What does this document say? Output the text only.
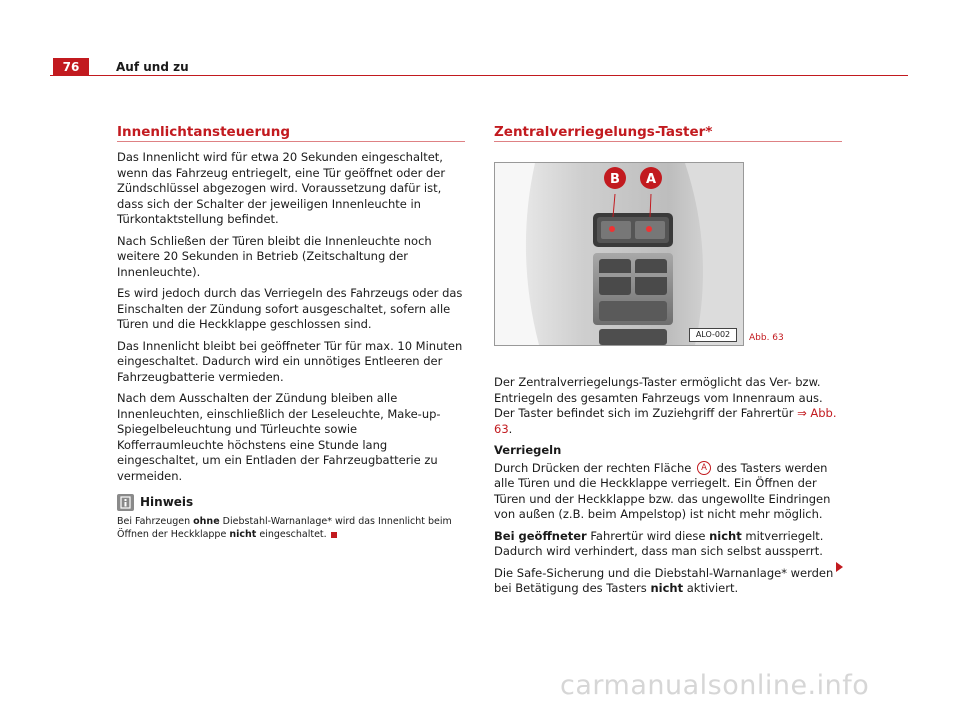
76	Auf und zu
Innenlichtansteuerung

Das Innenlicht wird für etwa 20 Sekunden eingeschaltet, wenn das Fahrzeug entriegelt, eine Tür geöffnet oder der Zündschlüssel abgezogen wird. Voraussetzung dafür ist, dass sich der Schalter der jeweiligen Innenleuchte in Türkontaktstellung befindet.

Nach Schließen der Türen bleibt die Innenleuchte noch weitere 20 Sekunden in Betrieb (Zeitschaltung der Innenleuchte).

Es wird jedoch durch das Verriegeln des Fahrzeugs oder das Einschalten der Zündung sofort ausgeschaltet, sofern alle Türen und die Heckklappe geschlossen sind.

Das Innenlicht bleibt bei geöffneter Tür für max. 10 Minuten eingeschaltet. Dadurch wird ein unnötiges Entleeren der Fahrzeugbatterie vermieden.

Nach dem Ausschalten der Zündung bleiben alle Innenleuchten, einschließlich der Leseleuchte, Make-up-Spiegelbeleuchtung und Türleuchte sowie Kofferraumleuchte höchstens eine Stunde lang eingeschaltet, um ein Entladen der Fahrzeugbatterie zu vermeiden.

Hinweis
Bei Fahrzeugen ohne Diebstahl-Warnanlage* wird das Innenlicht beim Öffnen der Heckklappe nicht eingeschaltet.
Zentralverriegelungs-Taster*
B A
ALO-002	Abb. 63

Der Zentralverriegelungs-Taster ermöglicht das Ver- bzw. Entriegeln des gesamten Fahrzeugs vom Innenraum aus. Der Taster befindet sich im Zuziehgriff der Fahrertür ⇒ Abb. 63.

Verriegeln

Durch Drücken der rechten Fläche A des Tasters werden alle Türen und die Heckklappe verriegelt. Ein Öffnen der Türen und der Heckklappe bzw. das ungewollte Eindringen von außen (z.B. beim Ampelstop) ist nicht mehr möglich.

Bei geöffneter Fahrertür wird diese nicht mitverriegelt. Dadurch wird verhindert, dass man sich selbst aussperrt.

Die Safe-Sicherung und die Diebstahl-Warnanlage* werden bei Betätigung des Tasters nicht aktiviert.

carmanualsonline.info
